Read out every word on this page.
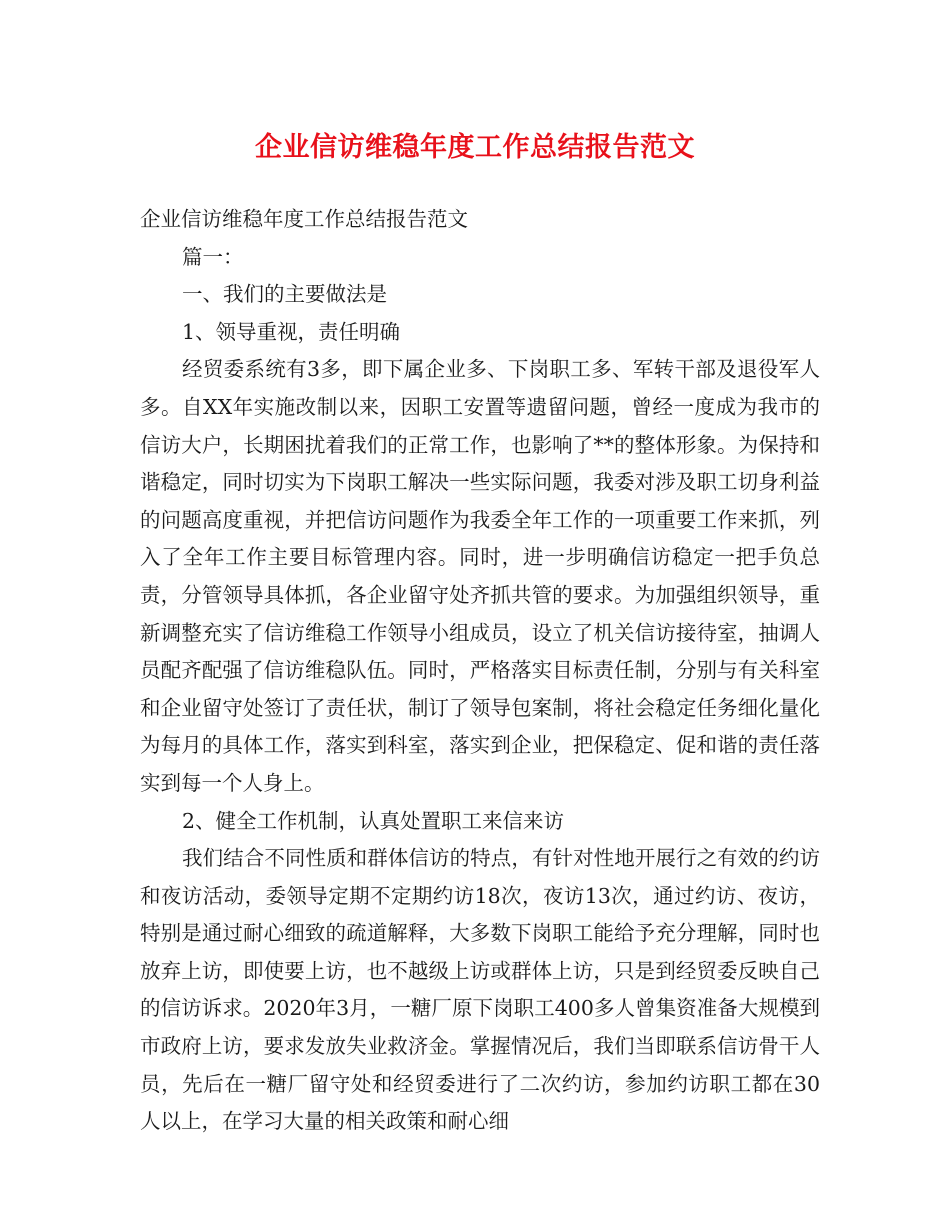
企业信访维稳年度工作总结报告范文

企业信访维稳年度工作总结报告范文

篇一：

一、我们的主要做法是

1、领导重视，责任明确

经贸委系统有3多，即下属企业多、下岗职工多、军转干部及退役军人多。自XX年实施改制以来，因职工安置等遗留问题，曾经一度成为我市的信访大户，长期困扰着我们的正常工作，也影响了**的整体形象。为保持和谐稳定，同时切实为下岗职工解决一些实际问题，我委对涉及职工切身利益的问题高度重视，并把信访问题作为我委全年工作的一项重要工作来抓，列入了全年工作主要目标管理内容。同时，进一步明确信访稳定一把手负总责，分管领导具体抓，各企业留守处齐抓共管的要求。为加强组织领导，重新调整充实了信访维稳工作领导小组成员，设立了机关信访接待室，抽调人员配齐配强了信访维稳队伍。同时，严格落实目标责任制，分别与有关科室和企业留守处签订了责任状，制订了领导包案制，将社会稳定任务细化量化为每月的具体工作，落实到科室，落实到企业，把保稳定、促和谐的责任落实到每一个人身上。

2、健全工作机制，认真处置职工来信来访

我们结合不同性质和群体信访的特点，有针对性地开展行之有效的约访和夜访活动，委领导定期不定期约访18次，夜访13次，通过约访、夜访，特别是通过耐心细致的疏道解释，大多数下岗职工能给予充分理解，同时也放弃上访，即使要上访，也不越级上访或群体上访，只是到经贸委反映自己的信访诉求。2020年3月，一糖厂原下岗职工400多人曾集资准备大规模到市政府上访，要求发放失业救济金。掌握情况后，我们当即联系信访骨干人员，先后在一糖厂留守处和经贸委进行了二次约访，参加约访职工都在30人以上，在学习大量的相关政策和耐心细
